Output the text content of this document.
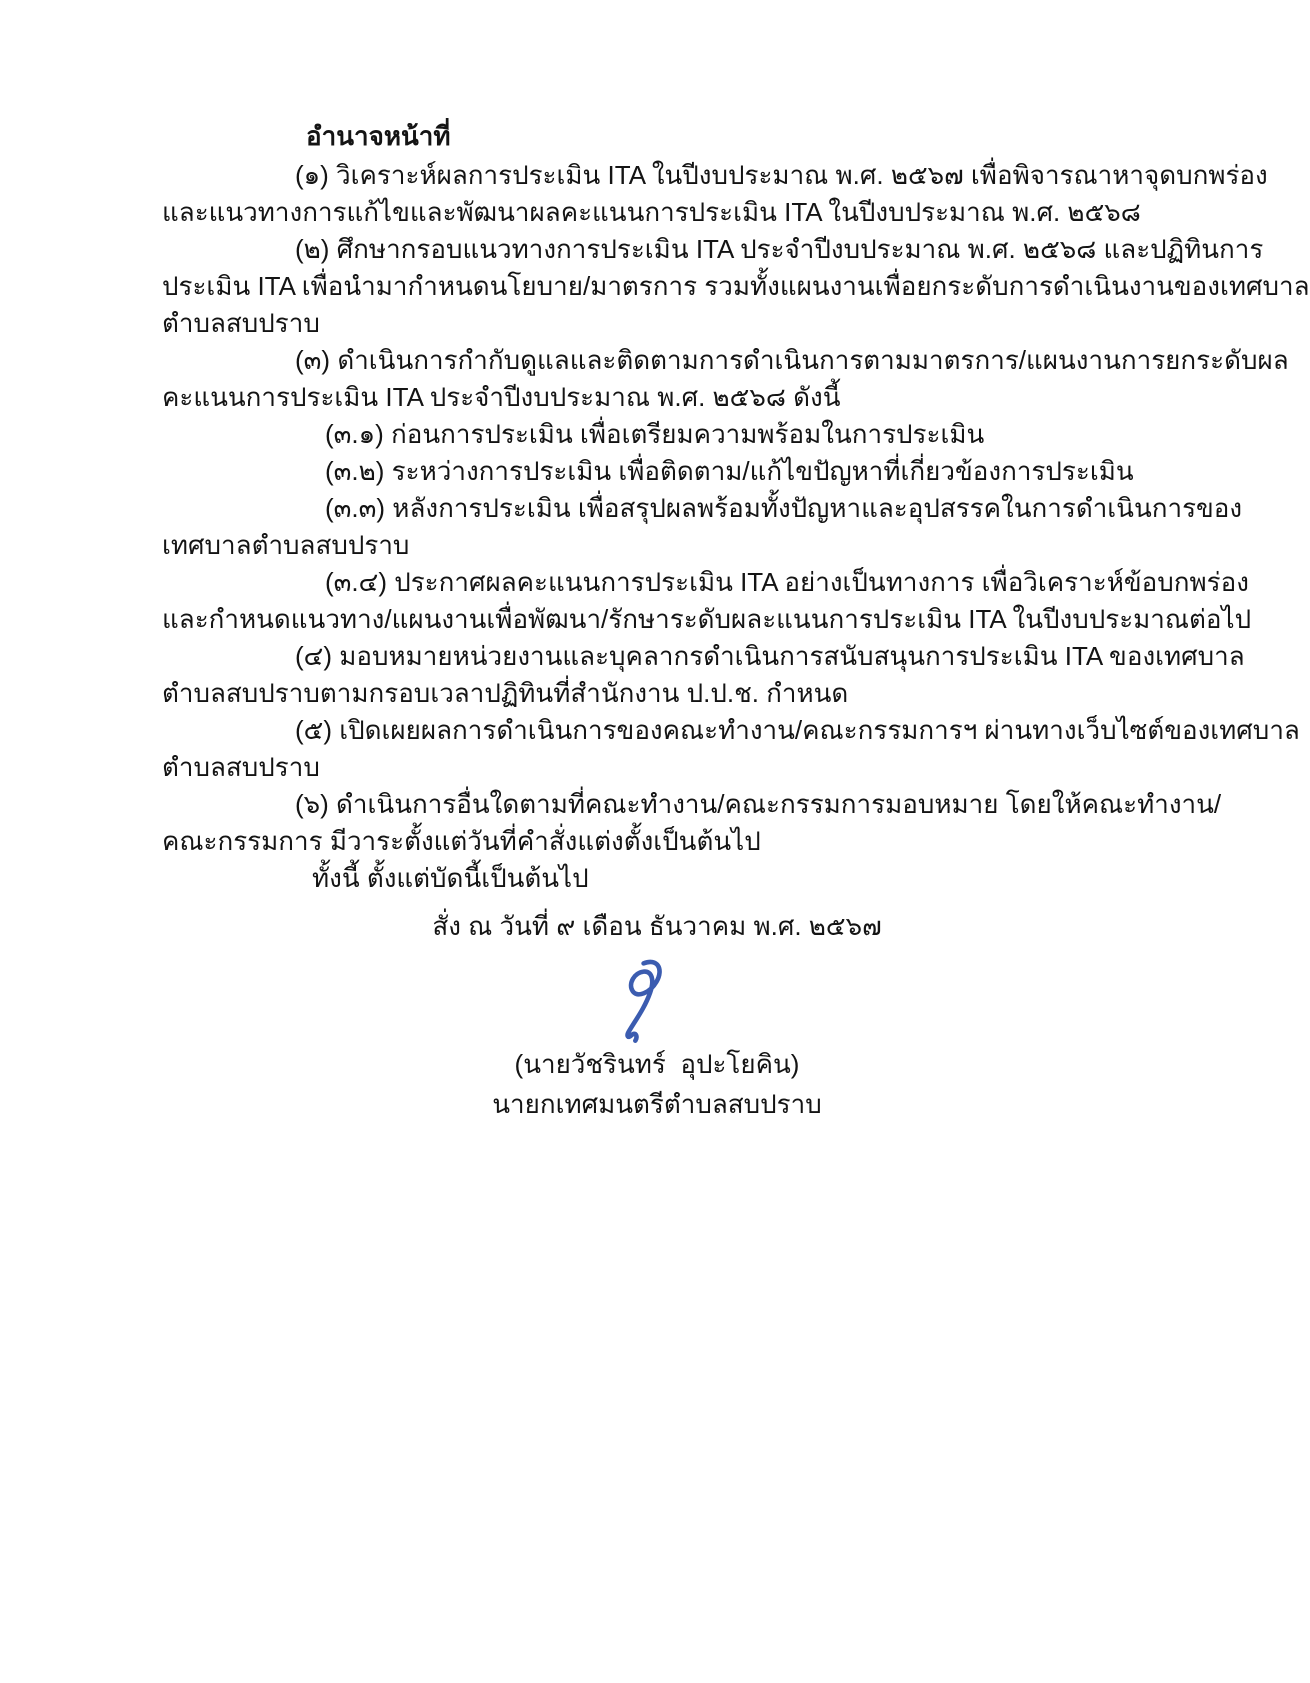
อำนาจหน้าที่
(๑) วิเคราะห์ผลการประเมิน ITA ในปีงบประมาณ พ.ศ. ๒๕๖๗ เพื่อพิจารณาหาจุดบกพร่อง
และแนวทางการแก้ไขและพัฒนาผลคะแนนการประเมิน ITA ในปีงบประมาณ พ.ศ. ๒๕๖๘
(๒) ศึกษากรอบแนวทางการประเมิน ITA ประจำปีงบประมาณ พ.ศ. ๒๕๖๘ และปฏิทินการ
ประเมิน ITA เพื่อนำมากำหนดนโยบาย/มาตรการ รวมทั้งแผนงานเพื่อยกระดับการดำเนินงานของเทศบาล
ตำบลสบปราบ
(๓) ดำเนินการกำกับดูแลและติดตามการดำเนินการตามมาตรการ/แผนงานการยกระดับผล
คะแนนการประเมิน ITA ประจำปีงบประมาณ พ.ศ. ๒๕๖๘ ดังนี้
(๓.๑) ก่อนการประเมิน เพื่อเตรียมความพร้อมในการประเมิน
(๓.๒) ระหว่างการประเมิน เพื่อติดตาม/แก้ไขปัญหาที่เกี่ยวข้องการประเมิน
(๓.๓) หลังการประเมิน เพื่อสรุปผลพร้อมทั้งปัญหาและอุปสรรคในการดำเนินการของ
เทศบาลตำบลสบปราบ
(๓.๔) ประกาศผลคะแนนการประเมิน ITA อย่างเป็นทางการ เพื่อวิเคราะห์ข้อบกพร่อง
และกำหนดแนวทาง/แผนงานเพื่อพัฒนา/รักษาระดับผละแนนการประเมิน ITA ในปีงบประมาณต่อไป
(๔) มอบหมายหน่วยงานและบุคลากรดำเนินการสนับสนุนการประเมิน ITA ของเทศบาล
ตำบลสบปราบตามกรอบเวลาปฏิทินที่สำนักงาน ป.ป.ช. กำหนด
(๕) เปิดเผยผลการดำเนินการของคณะทำงาน/คณะกรรมการฯ ผ่านทางเว็บไซต์ของเทศบาล
ตำบลสบปราบ
(๖) ดำเนินการอื่นใดตามที่คณะทำงาน/คณะกรรมการมอบหมาย โดยให้คณะทำงาน/
คณะกรรมการ มีวาระตั้งแต่วันที่คำสั่งแต่งตั้งเป็นต้นไป
ทั้งนี้ ตั้งแต่บัดนี้เป็นต้นไป
สั่ง ณ วันที่ ๙ เดือน ธันวาคม พ.ศ. ๒๕๖๗
(นายวัชรินทร์  อุปะโยคิน)
นายกเทศมนตรีตำบลสบปราบ
